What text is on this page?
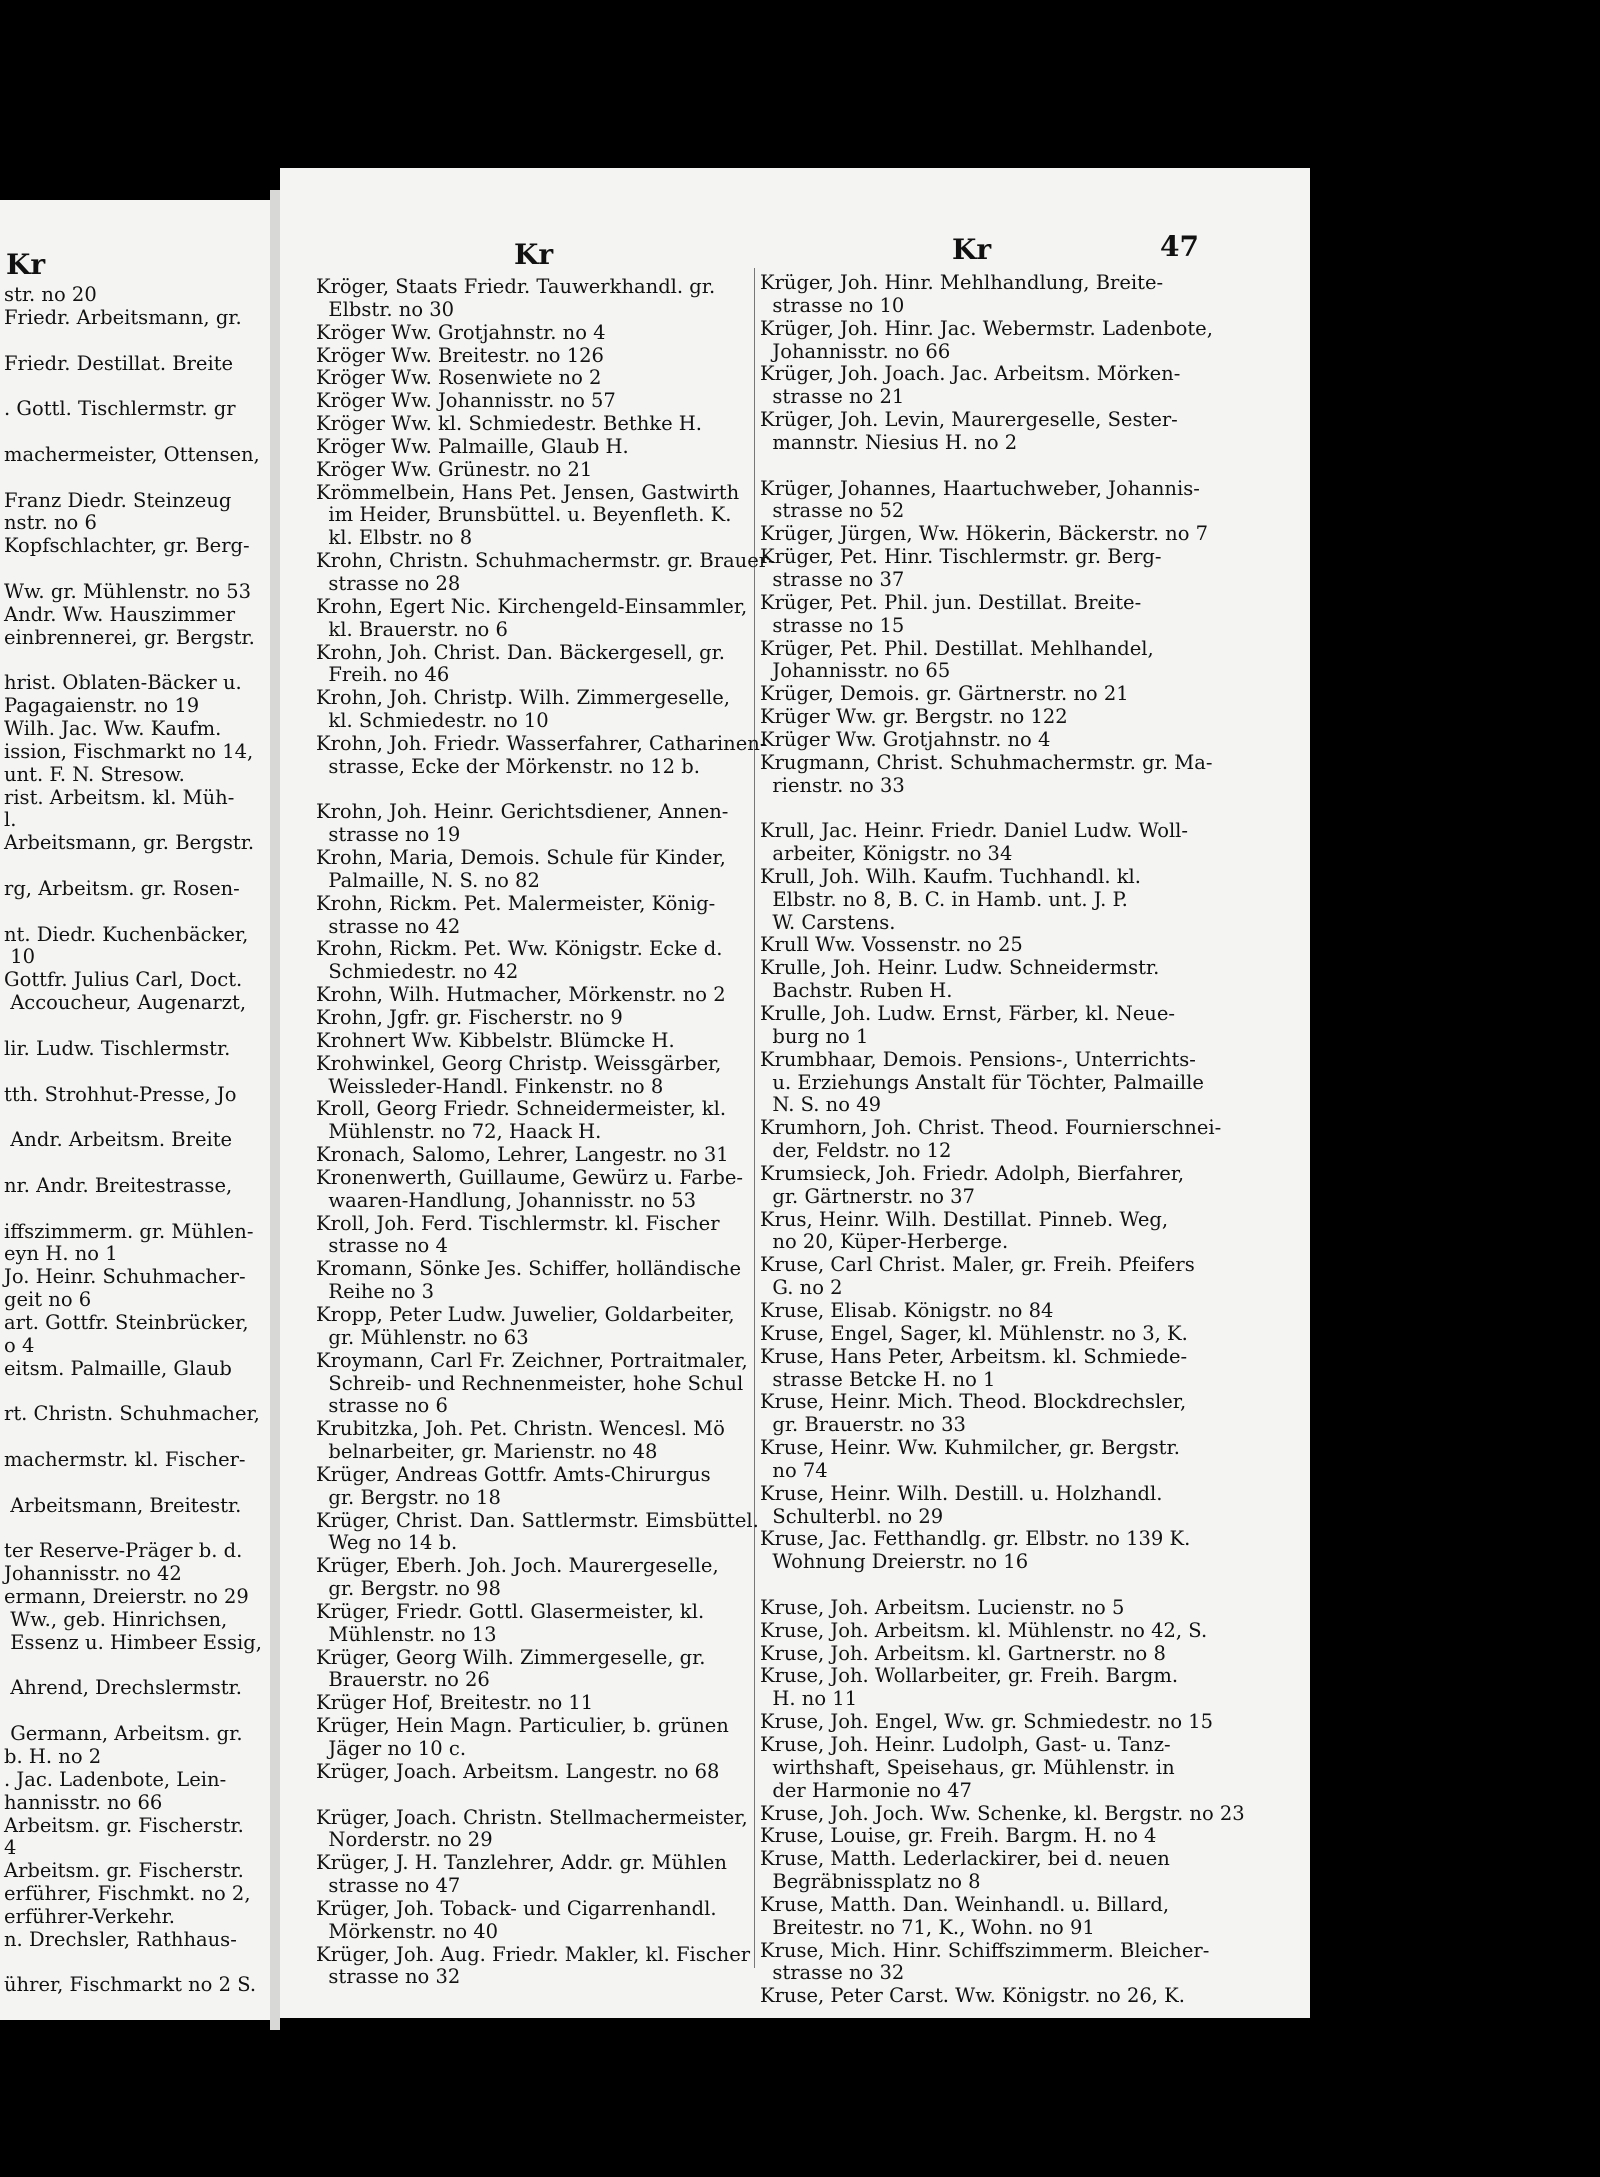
Kr
str. no 20
Friedr. Arbeitsmann, gr.
Friedr. Destillat. Breite
. Gottl. Tischlermstr. gr
machermeister, Ottensen,
Franz Diedr. Steinzeug
nstr. no 6
Kopfschlachter, gr. Berg-
Ww. gr. Mühlenstr. no 53
Andr. Ww. Hauszimmer
einbrennerei, gr. Bergstr.
hrist. Oblaten-Bäcker u.
Pagagaienstr. no 19
Wilh. Jac. Ww. Kaufm.
ission, Fischmarkt no 14,
unt. F. N. Stresow.
rist. Arbeitsm. kl. Müh-
l.
Arbeitsmann, gr. Bergstr.
rg, Arbeitsm. gr. Rosen-
nt. Diedr. Kuchenbäcker,
10
Gottfr. Julius Carl, Doct.
Accoucheur, Augenarzt,
lir. Ludw. Tischlermstr.
tth. Strohhut-Presse, Jo
Andr. Arbeitsm. Breite
nr. Andr. Breitestrasse,
iffszimmerm. gr. Mühlen-
eyn H. no 1
Jo. Heinr. Schuhmacher-
geit no 6
art. Gottfr. Steinbrücker,
o 4
eitsm. Palmaille, Glaub
rt. Christn. Schuhmacher,
machermstr. kl. Fischer-
Arbeitsmann, Breitestr.
ter Reserve-Präger b. d.
Johannisstr. no 42
ermann, Dreierstr. no 29
Ww., geb. Hinrichsen,
Essenz u. Himbeer Essig,
Ahrend, Drechslermstr.
Germann, Arbeitsm. gr.
b. H. no 2
. Jac. Ladenbote, Lein-
hannisstr. no 66
Arbeitsm. gr. Fischerstr.
4
Arbeitsm. gr. Fischerstr.
erführer, Fischmkt. no 2,
erführer-Verkehr.
n. Drechsler, Rathhaus-
ührer, Fischmarkt no 2 S.
Kr	Kr	47
Kröger, Staats Friedr. Tauwerkhandl. gr.
Elbstr. no 30
Kröger Ww. Grotjahnstr. no 4
Kröger Ww. Breitestr. no 126
Kröger Ww. Rosenwiete no 2
Kröger Ww. Johannisstr. no 57
Kröger Ww. kl. Schmiedestr. Bethke H.
Kröger Ww. Palmaille, Glaub H.
Kröger Ww. Grünestr. no 21
Krömmelbein, Hans Pet. Jensen, Gastwirth
im Heider, Brunsbüttel. u. Beyenfleth. K.
kl. Elbstr. no 8
Krohn, Christn. Schuhmachermstr. gr. Brauer-
strasse no 28
Krohn, Egert Nic. Kirchengeld-Einsammler,
kl. Brauerstr. no 6
Krohn, Joh. Christ. Dan. Bäckergesell, gr.
Freih. no 46
Krohn, Joh. Christp. Wilh. Zimmergeselle,
kl. Schmiedestr. no 10
Krohn, Joh. Friedr. Wasserfahrer, Catharinen-
strasse, Ecke der Mörkenstr. no 12 b.
Krohn, Joh. Heinr. Gerichtsdiener, Annen-
strasse no 19
Krohn, Maria, Demois. Schule für Kinder,
Palmaille, N. S. no 82
Krohn, Rickm. Pet. Malermeister, König-
strasse no 42
Krohn, Rickm. Pet. Ww. Königstr. Ecke d.
Schmiedestr. no 42
Krohn, Wilh. Hutmacher, Mörkenstr. no 2
Krohn, Jgfr. gr. Fischerstr. no 9
Krohnert Ww. Kibbelstr. Blümcke H.
Krohwinkel, Georg Christp. Weissgärber,
Weissleder-Handl. Finkenstr. no 8
Kroll, Georg Friedr. Schneidermeister, kl.
Mühlenstr. no 72, Haack H.
Kronach, Salomo, Lehrer, Langestr. no 31
Kronenwerth, Guillaume, Gewürz u. Farbe-
waaren-Handlung, Johannisstr. no 53
Kroll, Joh. Ferd. Tischlermstr. kl. Fischer
strasse no 4
Kromann, Sönke Jes. Schiffer, holländische
Reihe no 3
Kropp, Peter Ludw. Juwelier, Goldarbeiter,
gr. Mühlenstr. no 63
Kroymann, Carl Fr. Zeichner, Portraitmaler,
Schreib- und Rechnenmeister, hohe Schul
strasse no 6
Krubitzka, Joh. Pet. Christn. Wencesl. Mö
belnarbeiter, gr. Marienstr. no 48
Krüger, Andreas Gottfr. Amts-Chirurgus
gr. Bergstr. no 18
Krüger, Christ. Dan. Sattlermstr. Eimsbüttel.
Weg no 14 b.
Krüger, Eberh. Joh. Joch. Maurergeselle,
gr. Bergstr. no 98
Krüger, Friedr. Gottl. Glasermeister, kl.
Mühlenstr. no 13
Krüger, Georg Wilh. Zimmergeselle, gr.
Brauerstr. no 26
Krüger Hof, Breitestr. no 11
Krüger, Hein Magn. Particulier, b. grünen
Jäger no 10 c.
Krüger, Joach. Arbeitsm. Langestr. no 68
Krüger, Joach. Christn. Stellmachermeister,
Norderstr. no 29
Krüger, J. H. Tanzlehrer, Addr. gr. Mühlen
strasse no 47
Krüger, Joh. Toback- und Cigarrenhandl.
Mörkenstr. no 40
Krüger, Joh. Aug. Friedr. Makler, kl. Fischer
strasse no 32
Krüger, Joh. Hinr. Mehlhandlung, Breite-
strasse no 10
Krüger, Joh. Hinr. Jac. Webermstr. Ladenbote,
Johannisstr. no 66
Krüger, Joh. Joach. Jac. Arbeitsm. Mörken-
strasse no 21
Krüger, Joh. Levin, Maurergeselle, Sester-
mannstr. Niesius H. no 2
Krüger, Johannes, Haartuchweber, Johannis-
strasse no 52
Krüger, Jürgen, Ww. Hökerin, Bäckerstr. no 7
Krüger, Pet. Hinr. Tischlermstr. gr. Berg-
strasse no 37
Krüger, Pet. Phil. jun. Destillat. Breite-
strasse no 15
Krüger, Pet. Phil. Destillat. Mehlhandel,
Johannisstr. no 65
Krüger, Demois. gr. Gärtnerstr. no 21
Krüger Ww. gr. Bergstr. no 122
Krüger Ww. Grotjahnstr. no 4
Krugmann, Christ. Schuhmachermstr. gr. Ma-
rienstr. no 33
Krull, Jac. Heinr. Friedr. Daniel Ludw. Woll-
arbeiter, Königstr. no 34
Krull, Joh. Wilh. Kaufm. Tuchhandl. kl.
Elbstr. no 8, B. C. in Hamb. unt. J. P.
W. Carstens.
Krull Ww. Vossenstr. no 25
Krulle, Joh. Heinr. Ludw. Schneidermstr.
Bachstr. Ruben H.
Krulle, Joh. Ludw. Ernst, Färber, kl. Neue-
burg no 1
Krumbhaar, Demois. Pensions-, Unterrichts-
u. Erziehungs Anstalt für Töchter, Palmaille
N. S. no 49
Krumhorn, Joh. Christ. Theod. Fournierschnei-
der, Feldstr. no 12
Krumsieck, Joh. Friedr. Adolph, Bierfahrer,
gr. Gärtnerstr. no 37
Krus, Heinr. Wilh. Destillat. Pinneb. Weg,
no 20, Küper-Herberge.
Kruse, Carl Christ. Maler, gr. Freih. Pfeifers
G. no 2
Kruse, Elisab. Königstr. no 84
Kruse, Engel, Sager, kl. Mühlenstr. no 3, K.
Kruse, Hans Peter, Arbeitsm. kl. Schmiede-
strasse Betcke H. no 1
Kruse, Heinr. Mich. Theod. Blockdrechsler,
gr. Brauerstr. no 33
Kruse, Heinr. Ww. Kuhmilcher, gr. Bergstr.
no 74
Kruse, Heinr. Wilh. Destill. u. Holzhandl.
Schulterbl. no 29
Kruse, Jac. Fetthandlg. gr. Elbstr. no 139 K.
Wohnung Dreierstr. no 16
Kruse, Joh. Arbeitsm. Lucienstr. no 5
Kruse, Joh. Arbeitsm. kl. Mühlenstr. no 42, S.
Kruse, Joh. Arbeitsm. kl. Gartnerstr. no 8
Kruse, Joh. Wollarbeiter, gr. Freih. Bargm.
H. no 11
Kruse, Joh. Engel, Ww. gr. Schmiedestr. no 15
Kruse, Joh. Heinr. Ludolph, Gast- u. Tanz-
wirthshaft, Speisehaus, gr. Mühlenstr. in
der Harmonie no 47
Kruse, Joh. Joch. Ww. Schenke, kl. Bergstr. no 23
Kruse, Louise, gr. Freih. Bargm. H. no 4
Kruse, Matth. Lederlackirer, bei d. neuen
Begräbnissplatz no 8
Kruse, Matth. Dan. Weinhandl. u. Billard,
Breitestr. no 71, K., Wohn. no 91
Kruse, Mich. Hinr. Schiffszimmerm. Bleicher-
strasse no 32
Kruse, Peter Carst. Ww. Königstr. no 26, K.
